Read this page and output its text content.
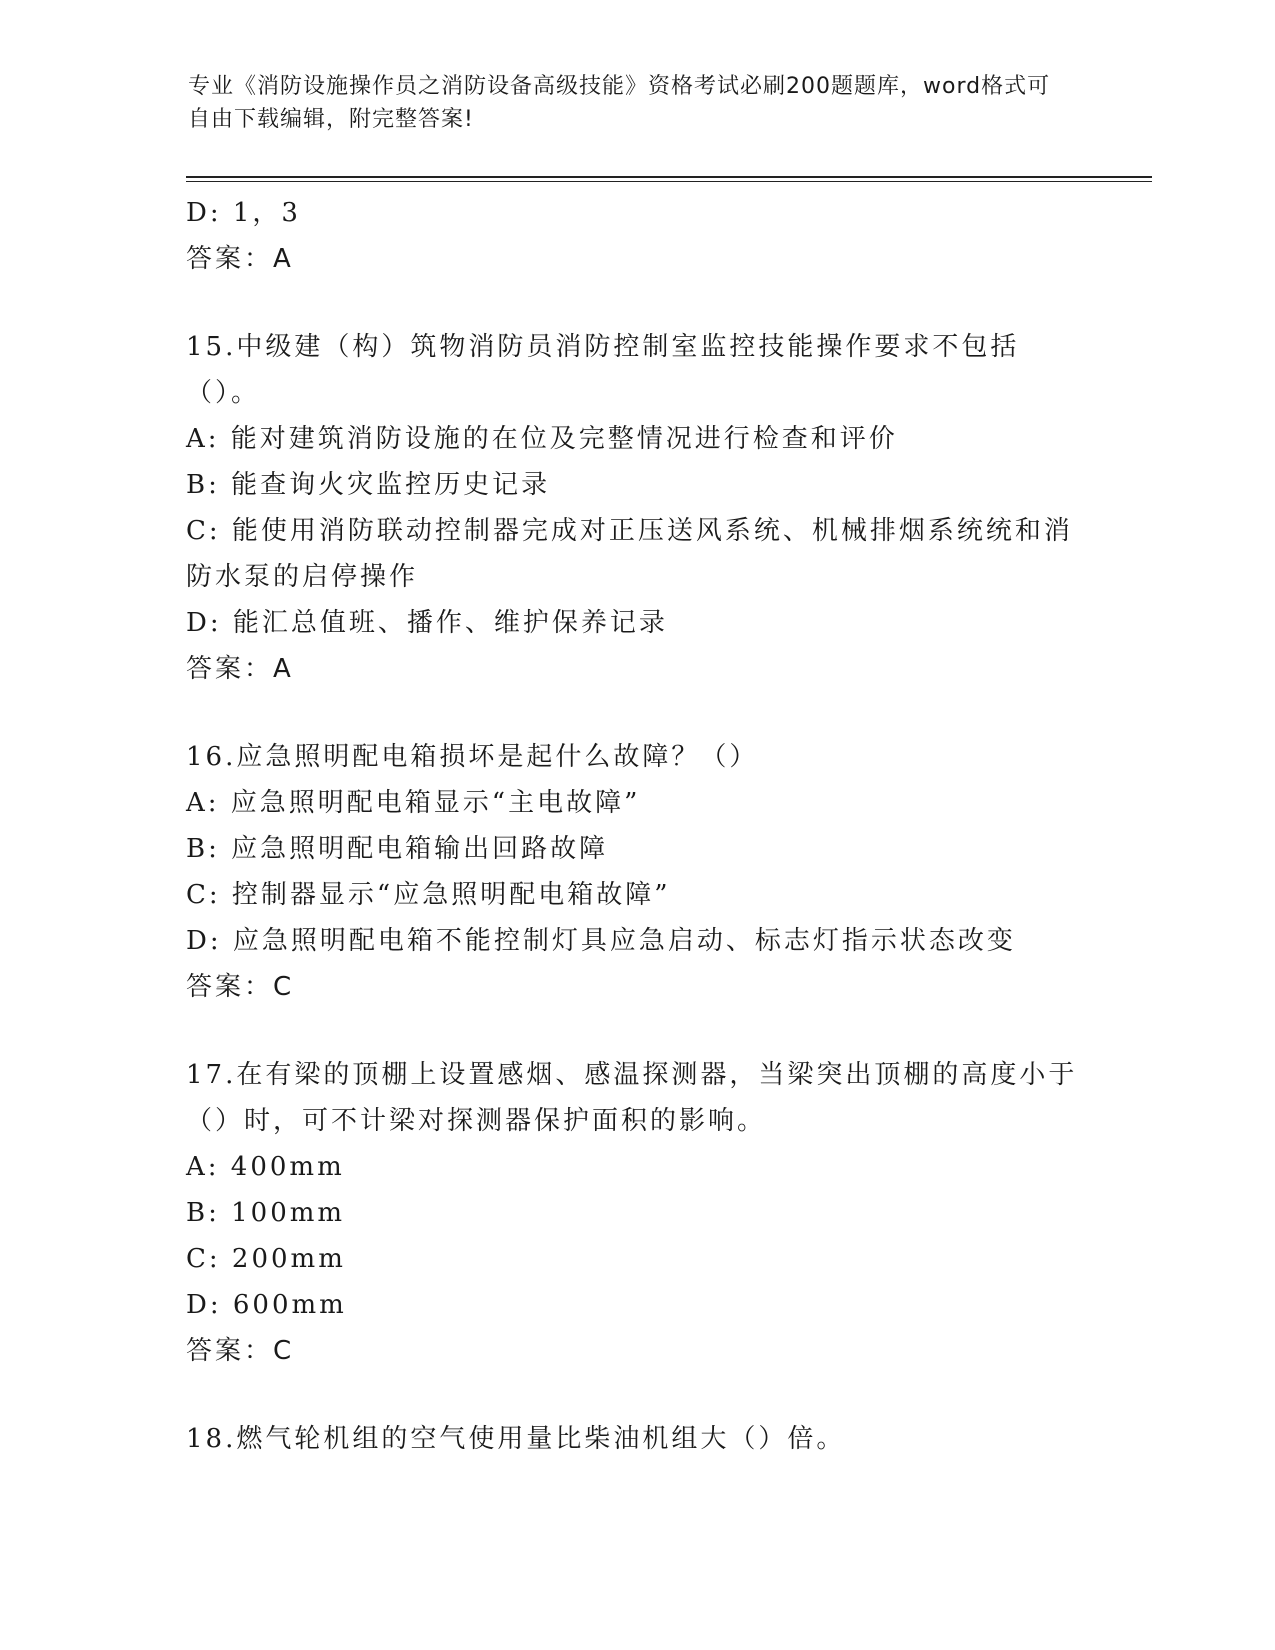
专业《消防设施操作员之消防设备高级技能》资格考试必刷200题题库，word格式可自由下载编辑，附完整答案!
D: 1，3
答案：A
15.中级建（构）筑物消防员消防控制室监控技能操作要求不包括（）。
A: 能对建筑消防设施的在位及完整情况进行检查和评价
B: 能查询火灾监控历史记录
C: 能使用消防联动控制器完成对正压送风系统、机械排烟系统统和消防水泵的启停操作
D: 能汇总值班、播作、维护保养记录
答案：A
16.应急照明配电箱损坏是起什么故障？（）
A: 应急照明配电箱显示“主电故障”
B: 应急照明配电箱输出回路故障
C: 控制器显示“应急照明配电箱故障”
D: 应急照明配电箱不能控制灯具应急启动、标志灯指示状态改变
答案：C
17.在有梁的顶棚上设置感烟、感温探测器，当梁突出顶棚的高度小于（）时，可不计梁对探测器保护面积的影响。
A: 400mm
B: 100mm
C: 200mm
D: 600mm
答案：C
18.燃气轮机组的空气使用量比柴油机组大（）倍。
